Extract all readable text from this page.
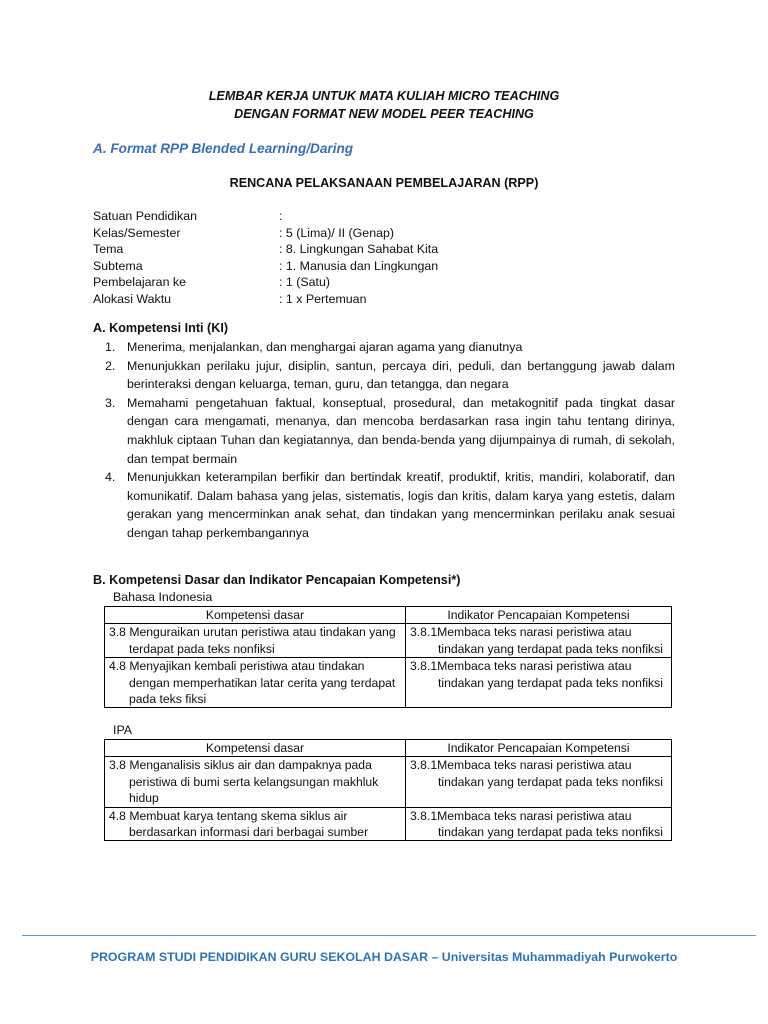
LEMBAR KERJA UNTUK MATA KULIAH MICRO TEACHING
DENGAN FORMAT NEW MODEL PEER TEACHING
A. Format RPP Blended Learning/Daring
RENCANA PELAKSANAAN PEMBELAJARAN (RPP)
Satuan Pendidikan	:
Kelas/Semester	: 5 (Lima)/ II (Genap)
Tema	: 8. Lingkungan Sahabat Kita
Subtema	: 1. Manusia dan Lingkungan
Pembelajaran ke	: 1 (Satu)
Alokasi Waktu	: 1 x Pertemuan
A. Kompetensi Inti (KI)
1. Menerima, menjalankan, dan menghargai ajaran agama yang dianutnya
2. Menunjukkan perilaku jujur, disiplin, santun, percaya diri, peduli, dan bertanggung jawab dalam berinteraksi dengan keluarga, teman, guru, dan tetangga, dan negara
3. Memahami pengetahuan faktual, konseptual, prosedural, dan metakognitif pada tingkat dasar dengan cara mengamati, menanya, dan mencoba berdasarkan rasa ingin tahu tentang dirinya, makhluk ciptaan Tuhan dan kegiatannya, dan benda-benda yang dijumpainya di rumah, di sekolah, dan tempat bermain
4. Menunjukkan keterampilan berfikir dan bertindak kreatif, produktif, kritis, mandiri, kolaboratif, dan komunikatif. Dalam bahasa yang jelas, sistematis, logis dan kritis, dalam karya yang estetis, dalam gerakan yang mencerminkan anak sehat, dan tindakan yang mencerminkan perilaku anak sesuai dengan tahap perkembangannya
B. Kompetensi Dasar dan Indikator Pencapaian Kompetensi*)
Bahasa Indonesia
Kompetensi dasar	Indikator Pencapaian Kompetensi

3.8 Menguraikan urutan peristiwa atau tindakan yang terdapat pada teks nonfiksi	3.8.1Membaca teks narasi peristiwa atau tindakan yang terdapat pada teks nonfiksi

4.8 Menyajikan kembali peristiwa atau tindakan dengan memperhatikan latar cerita yang terdapat pada teks fiksi	3.8.1Membaca teks narasi peristiwa atau tindakan yang terdapat pada teks nonfiksi
IPA
Kompetensi dasar	Indikator Pencapaian Kompetensi

3.8 Menganalisis siklus air dan dampaknya pada peristiwa di bumi serta kelangsungan makhluk hidup	3.8.1Membaca teks narasi peristiwa atau tindakan yang terdapat pada teks nonfiksi

4.8 Membuat karya tentang skema siklus air berdasarkan informasi dari berbagai sumber	3.8.1Membaca teks narasi peristiwa atau tindakan yang terdapat pada teks nonfiksi
PROGRAM STUDI PENDIDIKAN GURU SEKOLAH DASAR – Universitas Muhammadiyah Purwokerto
